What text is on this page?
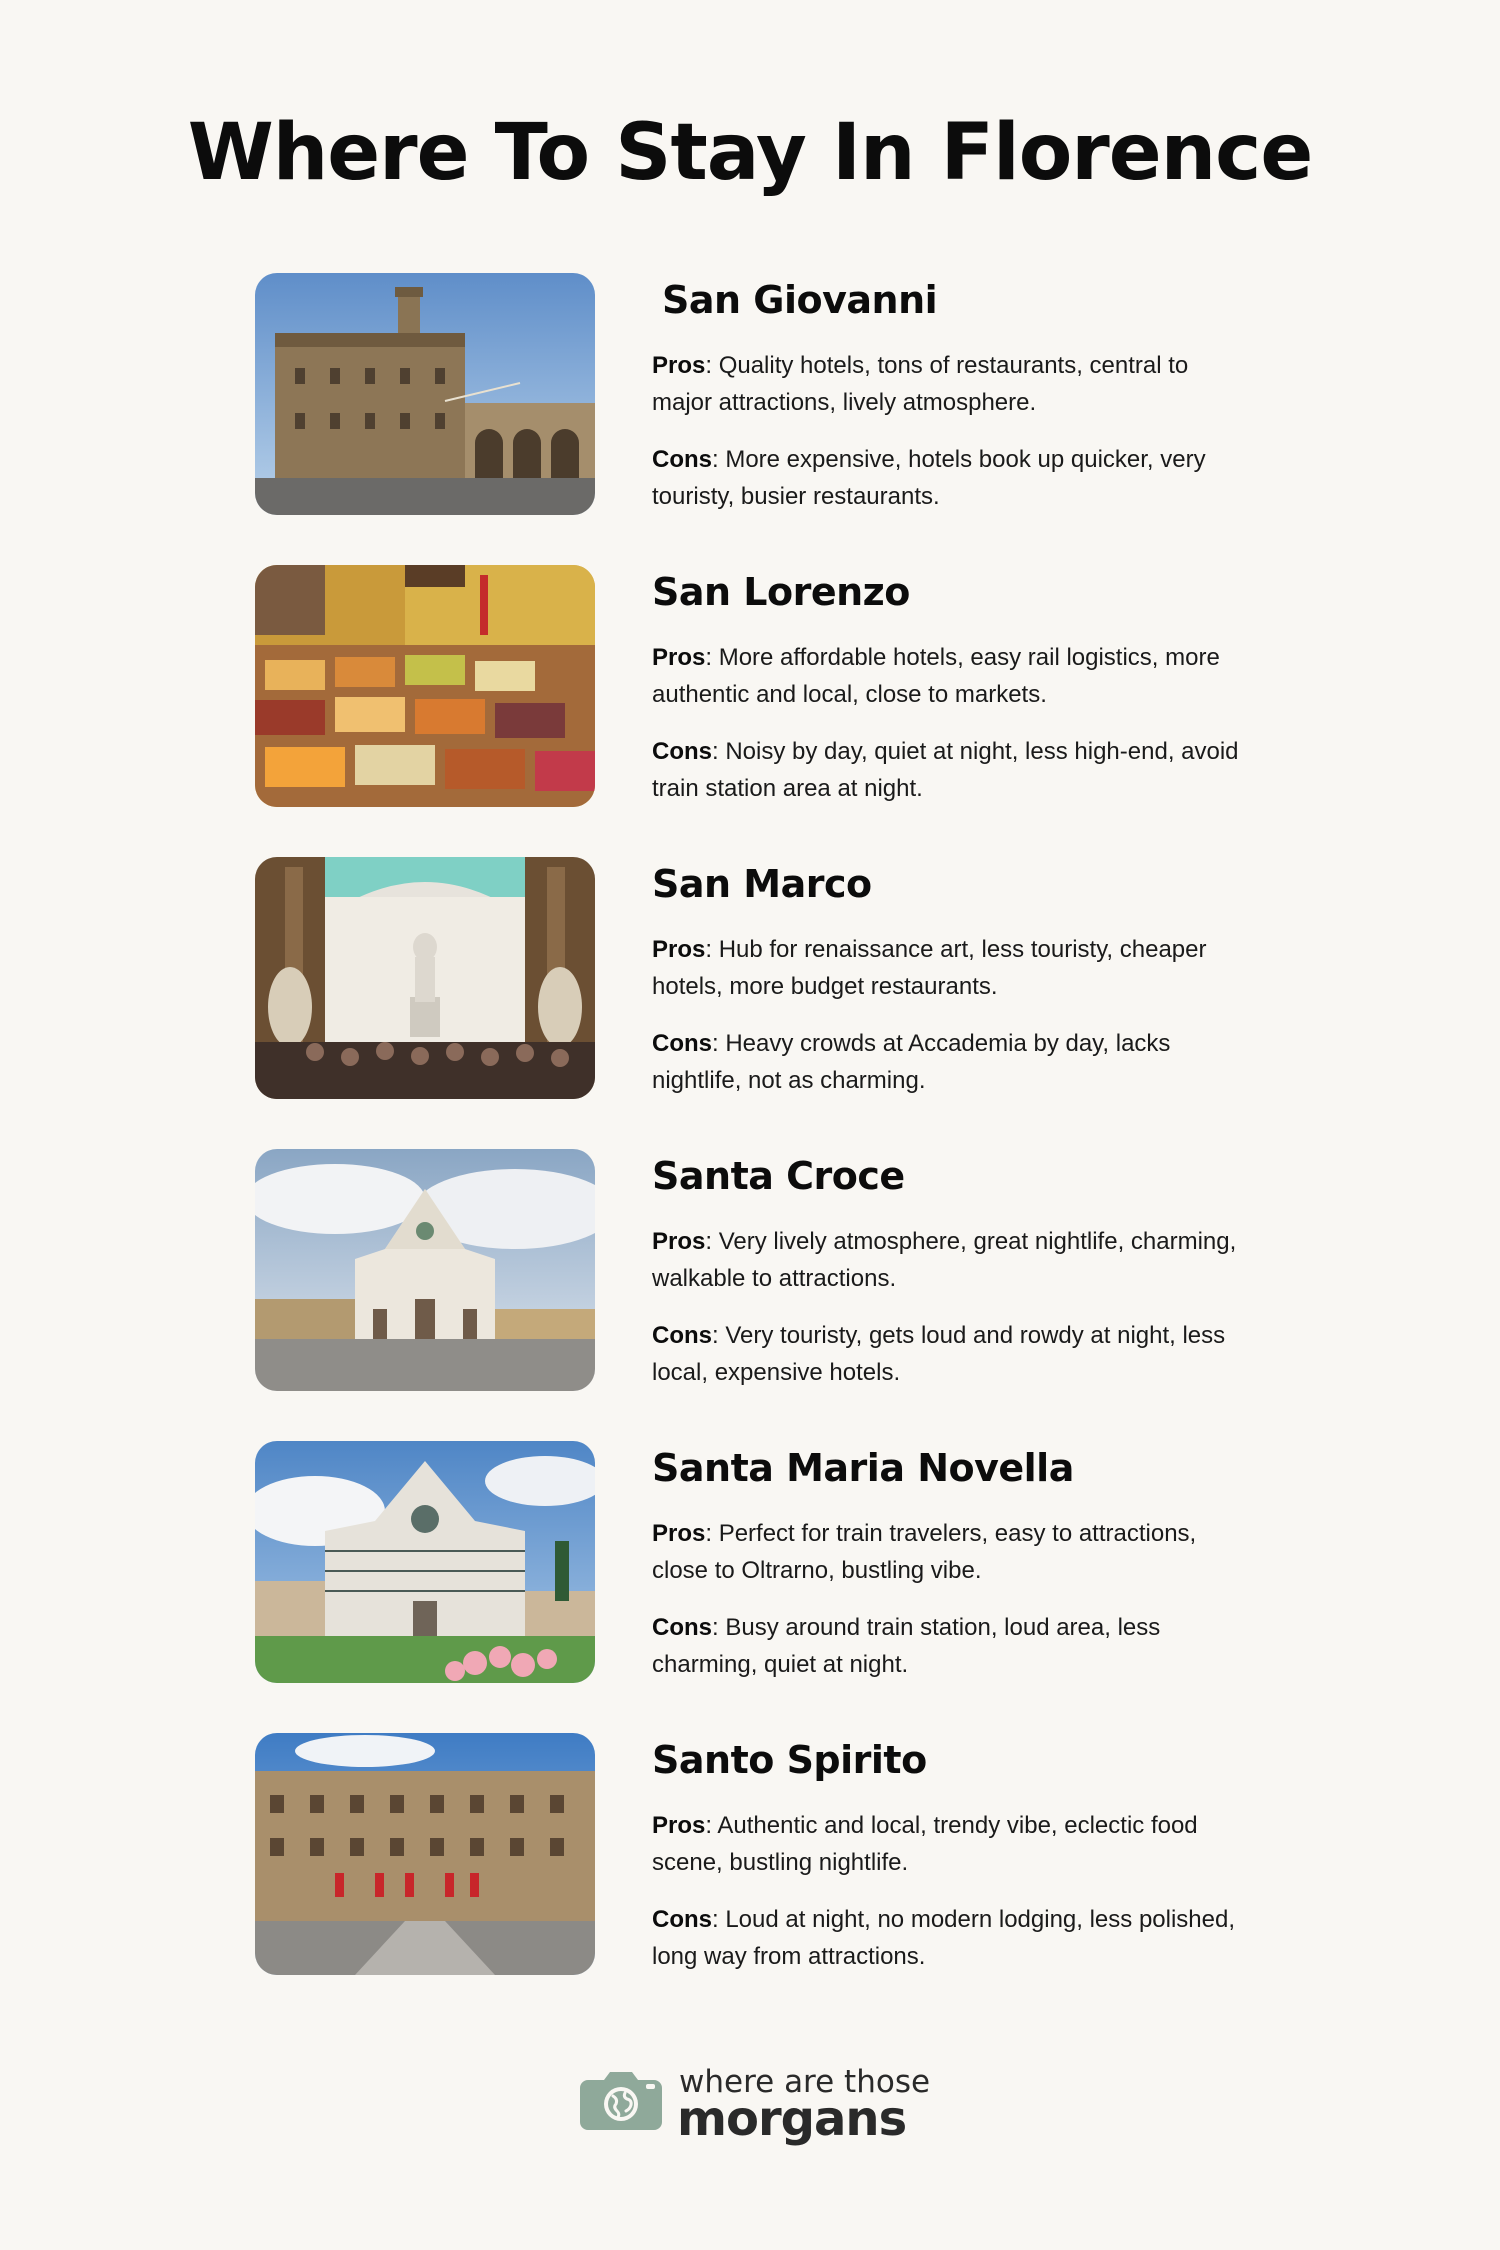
Where To Stay In Florence
San Giovanni

Pros: Quality hotels, tons of restaurants, central to major attractions, lively atmosphere.

Cons: More expensive, hotels book up quicker, very touristy, busier restaurants.

San Lorenzo

Pros: More affordable hotels, easy rail logistics, more authentic and local, close to markets.

Cons: Noisy by day, quiet at night, less high-end, avoid train station area at night.

San Marco

Pros: Hub for renaissance art, less touristy, cheaper hotels, more budget restaurants.

Cons: Heavy crowds at Accademia by day, lacks nightlife, not as charming.

Santa Croce

Pros: Very lively atmosphere, great nightlife, charming, walkable to attractions.

Cons: Very touristy, gets loud and rowdy at night, less local, expensive hotels.

Santa Maria Novella

Pros: Perfect for train travelers, easy to attractions, close to Oltrarno, bustling vibe.

Cons: Busy around train station, loud area, less charming, quiet at night.

Santo Spirito

Pros: Authentic and local, trendy vibe, eclectic food scene, bustling nightlife.

Cons: Loud at night, no modern lodging, less polished, long way from attractions.

where are those
morgans
